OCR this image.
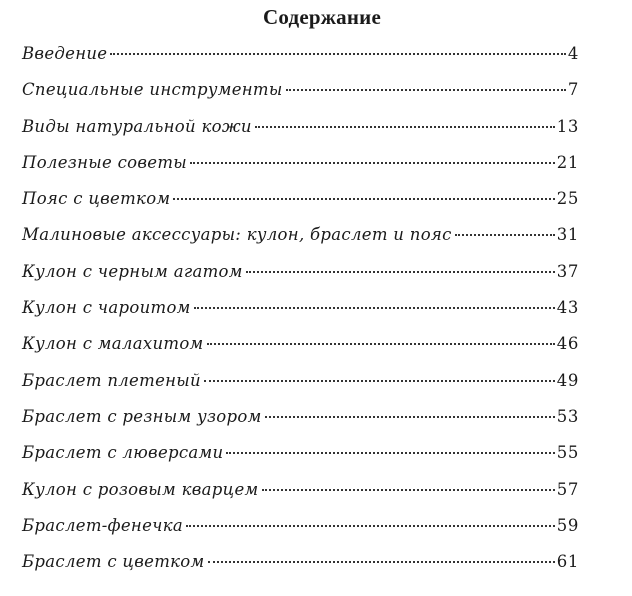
Содержание
Введение	4
Специальные инструменты	7
Виды натуральной кожи	13
Полезные советы	21
Пояс с цветком	25
Малиновые аксессуары: кулон, браслет и пояс	31
Кулон с черным агатом	37
Кулон с чароитом	43
Кулон с малахитом	46
Браслет плетеный	49
Браслет с резным узором	53
Браслет с люверсами	55
Кулон с розовым кварцем	57
Браслет-фенечка	59
Браслет с цветком	61
